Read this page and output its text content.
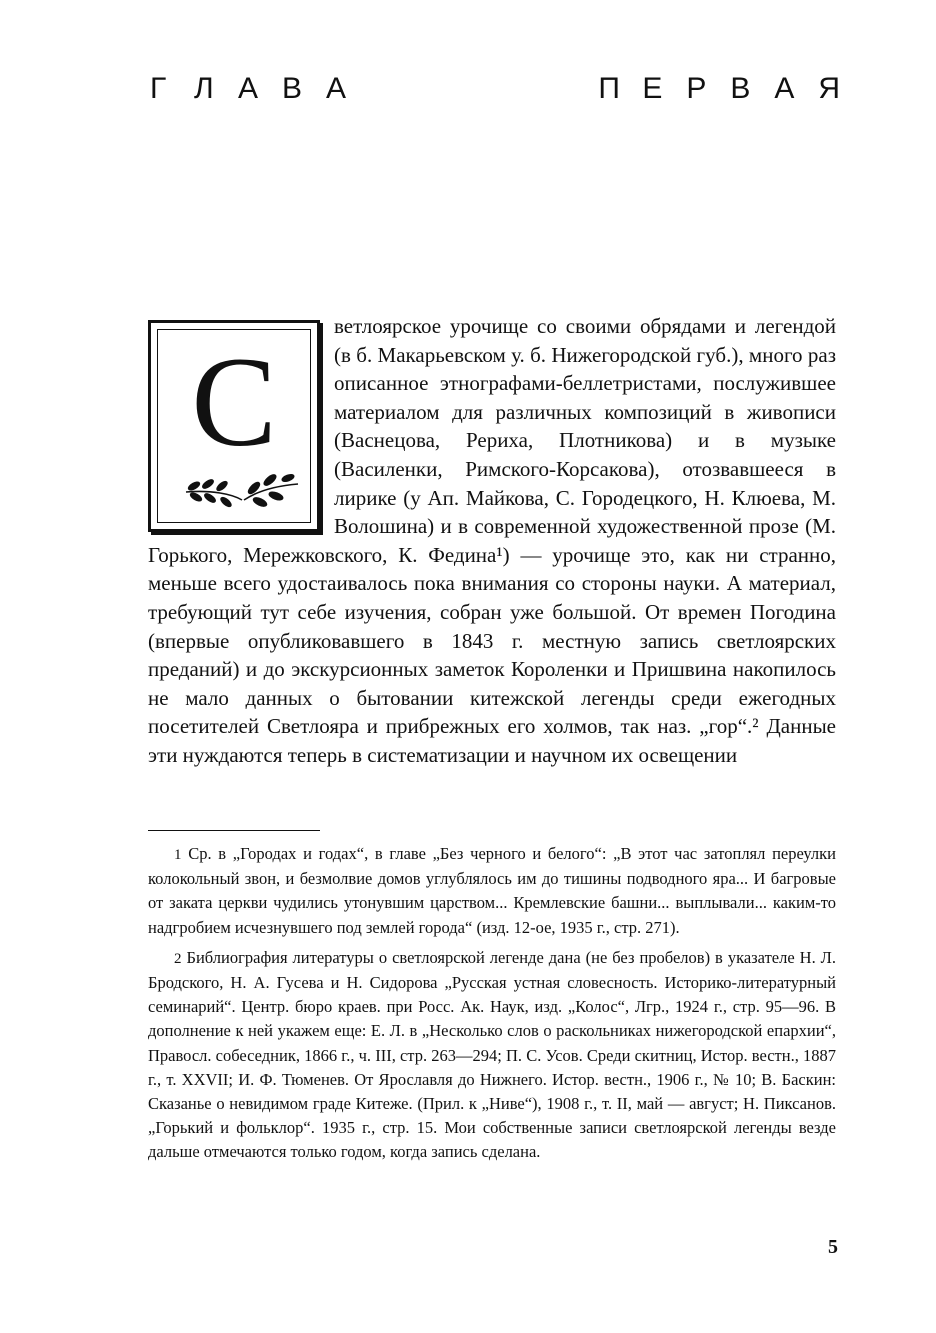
Г Л А В А	П Е Р В А Я
С

ветлоярское урочище со своими обрядами и легендой (в б. Макарьевском у. б. Нижегородской губ.), много раз описанное этнографами-беллетристами, послужившее материалом для различных композиций в живописи (Васнецова, Рериха, Плотникова) и в музыке (Василенки, Римского-Корсакова), отозвавшееся в лирике (у Ап. Майкова, С. Городецкого, Н. Клюева, М. Волошина) и в современной художественной прозе (М. Горького, Мережковского, К. Федина¹) — урочище это, как ни странно, меньше всего удостаивалось пока внимания со стороны науки. А материал, требующий тут себе изучения, собран уже большой. От времен Погодина (впервые опубликовавшего в 1843 г. местную запись светлоярских преданий) и до экскурсионных заметок Короленки и Пришвина накопилось не мало данных о бытовании китежской легенды среди ежегодных посетителей Светлояра и прибрежных его холмов, так наз. „гор“.² Данные эти нуждаются теперь в систематизации и научном их освещении

1 Ср. в „Городах и годах“, в главе „Без черного и белого“: „В этот час затоплял переулки колокольный звон, и безмолвие домов углублялось им до тишины подводного яра... И багровые от заката церкви чудились утонувшим царством... Кремлевские башни... выплывали... каким-то надгробием исчезнувшего под землей города“ (изд. 12-ое, 1935 г., стр. 271).

2 Библиография литературы о светлоярской легенде дана (не без пробелов) в указателе Н. Л. Бродского, Н. А. Гусева и Н. Сидорова „Русская устная словесность. Историко-литературный семинарий“. Центр. бюро краев. при Росс. Ак. Наук, изд. „Колос“, Лгр., 1924 г., стр. 95—96. В дополнение к ней укажем еще: Е. Л. в „Несколько слов о раскольниках нижегородской епархии“, Правосл. собеседник, 1866 г., ч. III, стр. 263—294; П. С. Усов. Среди скитниц, Истор. вестн., 1887 г., т. XXVII; И. Ф. Тюменев. От Ярославля до Нижнего. Истор. вестн., 1906 г., № 10; В. Баскин: Сказанье о невидимом граде Китеже. (Прил. к „Ниве“), 1908 г., т. II, май — август; Н. Пиксанов. „Горький и фольклор“. 1935 г., стр. 15. Мои собственные записи светлоярской легенды везде дальше отмечаются только годом, когда запись сделана.

5
